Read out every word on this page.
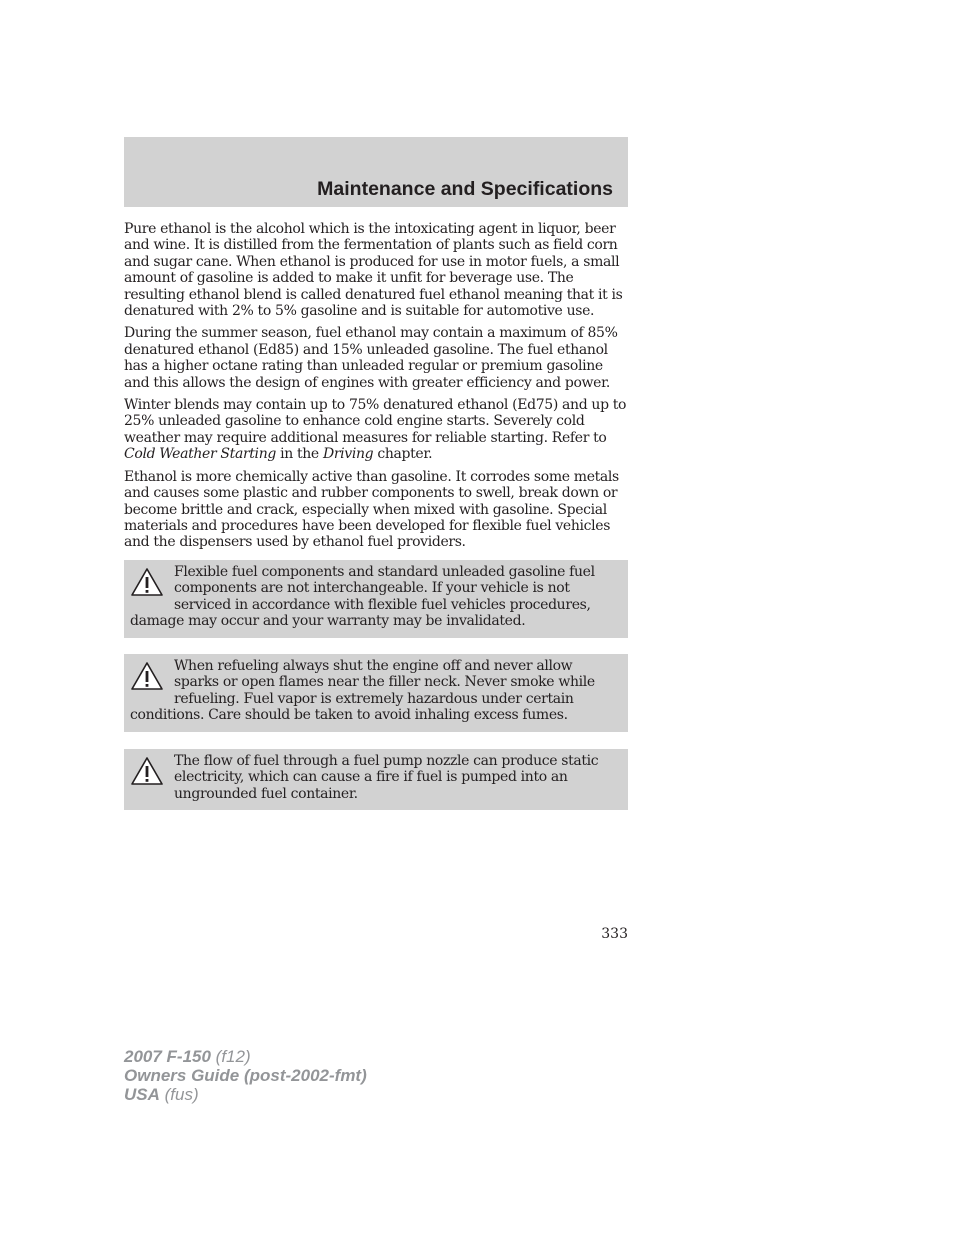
Maintenance and Specifications

Pure ethanol is the alcohol which is the intoxicating agent in liquor, beer and wine. It is distilled from the fermentation of plants such as field corn and sugar cane. When ethanol is produced for use in motor fuels, a small amount of gasoline is added to make it unfit for beverage use. The resulting ethanol blend is called denatured fuel ethanol meaning that it is denatured with 2% to 5% gasoline and is suitable for automotive use.

During the summer season, fuel ethanol may contain a maximum of 85% denatured ethanol (Ed85) and 15% unleaded gasoline. The fuel ethanol has a higher octane rating than unleaded regular or premium gasoline and this allows the design of engines with greater efficiency and power.

Winter blends may contain up to 75% denatured ethanol (Ed75) and up to 25% unleaded gasoline to enhance cold engine starts. Severely cold weather may require additional measures for reliable starting. Refer to Cold Weather Starting in the Driving chapter.

Ethanol is more chemically active than gasoline. It corrodes some metals and causes some plastic and rubber components to swell, break down or become brittle and crack, especially when mixed with gasoline. Special materials and procedures have been developed for flexible fuel vehicles and the dispensers used by ethanol fuel providers.

Flexible fuel components and standard unleaded gasoline fuel components are not interchangeable. If your vehicle is not serviced in accordance with flexible fuel vehicles procedures, damage may occur and your warranty may be invalidated.

When refueling always shut the engine off and never allow sparks or open flames near the filler neck. Never smoke while refueling. Fuel vapor is extremely hazardous under certain conditions. Care should be taken to avoid inhaling excess fumes.

The flow of fuel through a fuel pump nozzle can produce static electricity, which can cause a fire if fuel is pumped into an ungrounded fuel container.

333
2007 F-150 (f12)
Owners Guide (post-2002-fmt)
USA (fus)
